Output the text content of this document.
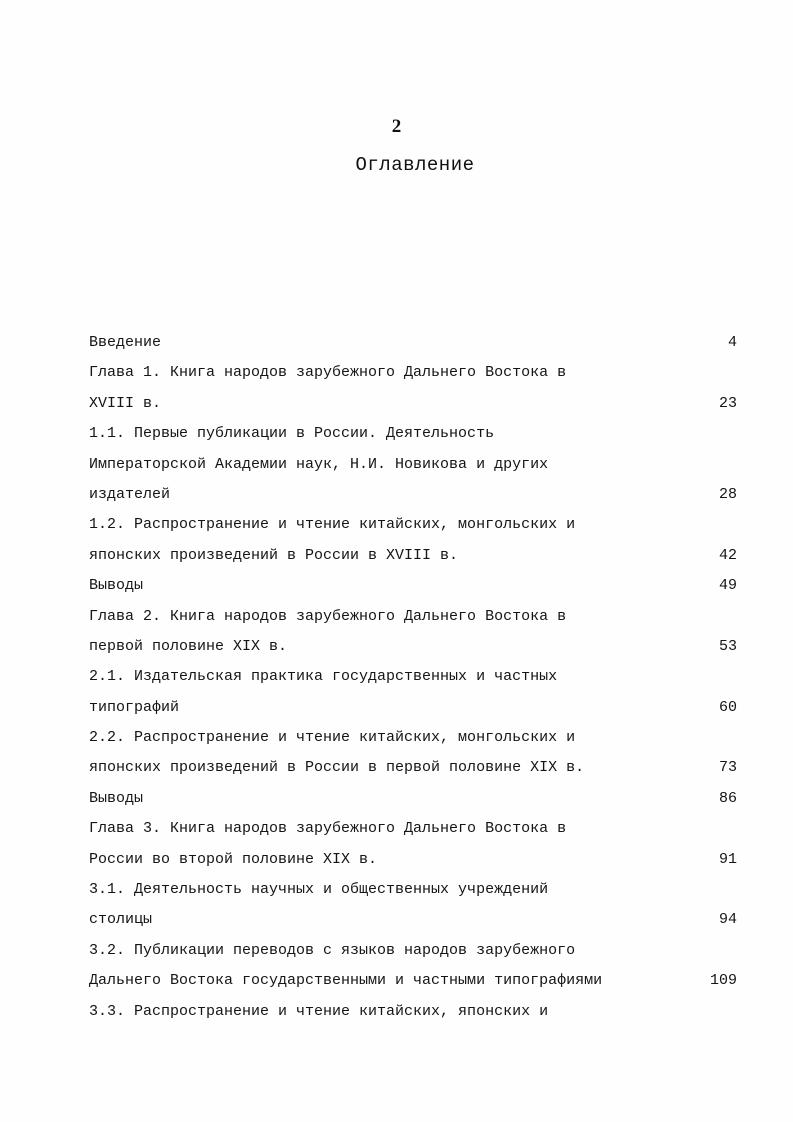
2
Оглавление
Введение	4
Глава 1. Книга народов зарубежного Дальнего Востока в
XVIII в.	23
1.1. Первые публикации в России. Деятельность
Императорской Академии наук, Н.И. Новикова и других
издателей	28
1.2. Распространение и чтение китайских, монгольских и
японских произведений в России в XVIII в.	42
Выводы	49
Глава 2. Книга народов зарубежного Дальнего Востока в
первой половине XIX в.	53
2.1. Издательская практика государственных и частных
типографий	60
2.2. Распространение и чтение китайских, монгольских и
японских произведений в России в первой половине XIX в.	73
Выводы	86
Глава 3. Книга народов зарубежного Дальнего Востока в
России во второй половине XIX в.	91
3.1. Деятельность научных и общественных учреждений
столицы	94
3.2. Публикации переводов с языков народов зарубежного
Дальнего Востока государственными и частными типографиями	109
3.3. Распространение и чтение китайских, японских и
